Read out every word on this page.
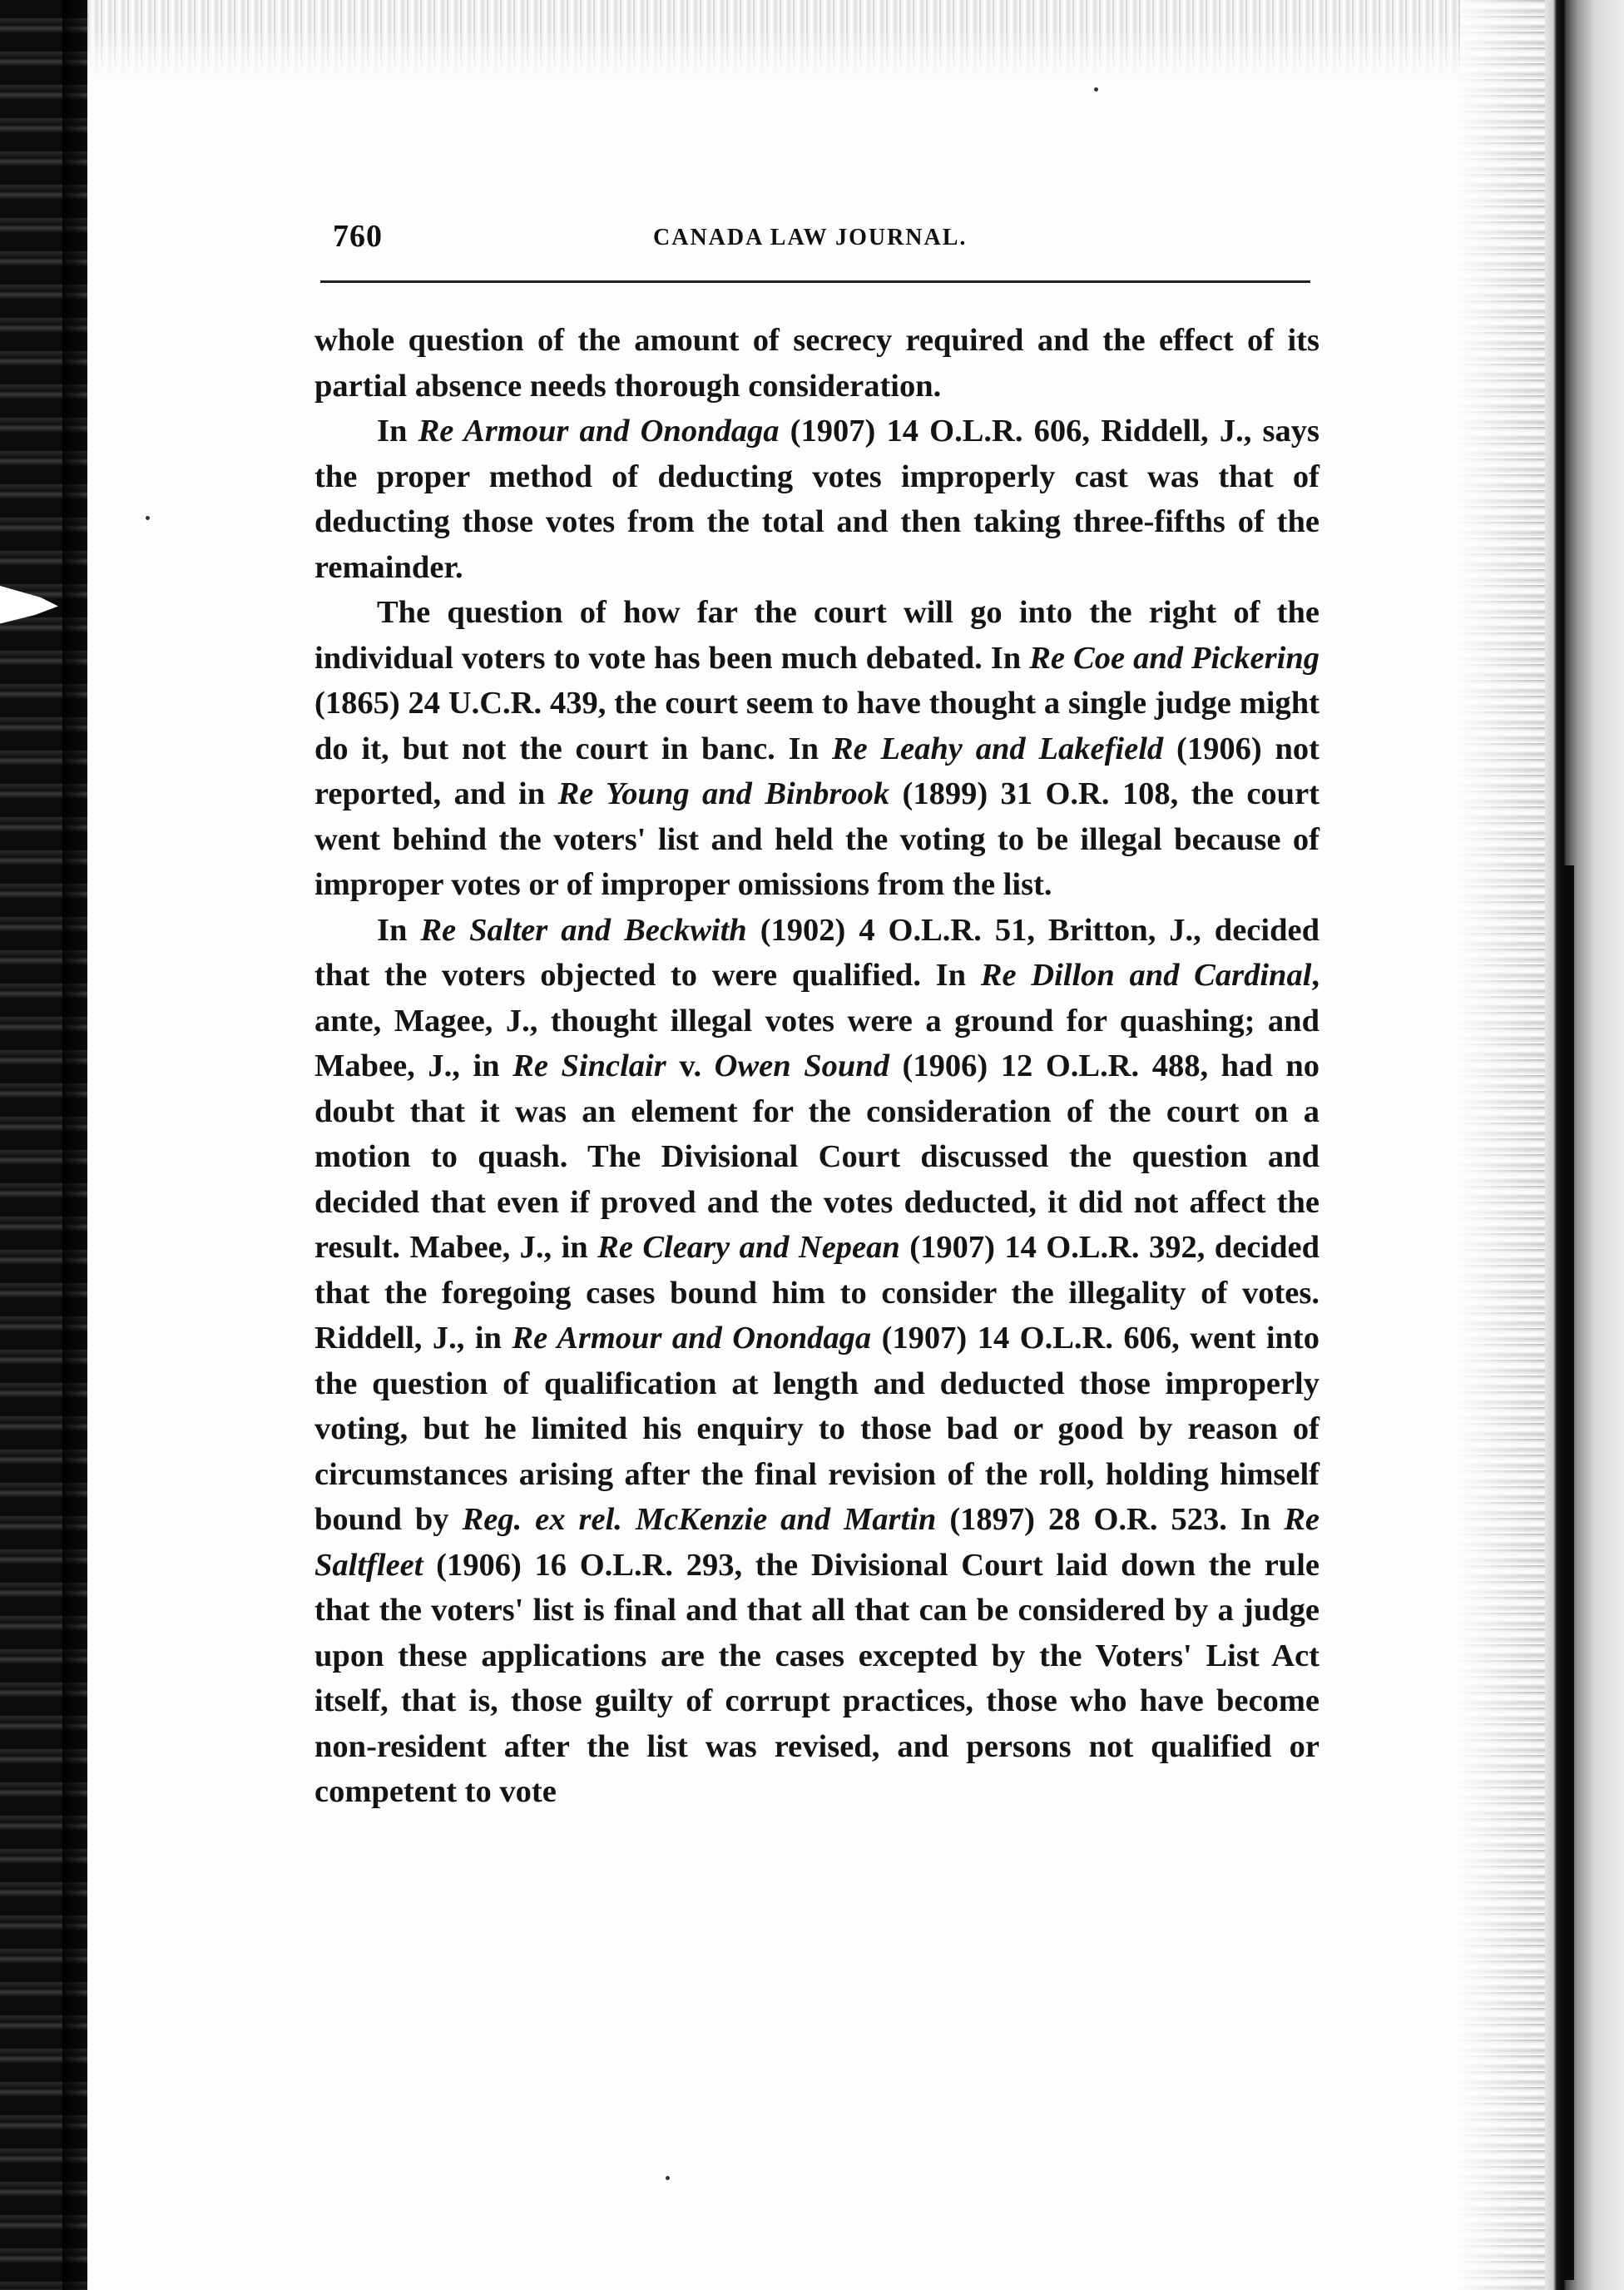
760	CANADA LAW JOURNAL.

whole question of the amount of secrecy required and the effect of its partial absence needs thorough consideration.

In Re Armour and Onondaga (1907) 14 O.L.R. 606, Riddell, J., says the proper method of deducting votes improperly cast was that of deducting those votes from the total and then taking three-fifths of the remainder.

The question of how far the court will go into the right of the individual voters to vote has been much debated. In Re Coe and Pickering (1865) 24 U.C.R. 439, the court seem to have thought a single judge might do it, but not the court in banc. In Re Leahy and Lakefield (1906) not reported, and in Re Young and Binbrook (1899) 31 O.R. 108, the court went behind the voters' list and held the voting to be illegal because of improper votes or of improper omissions from the list.

In Re Salter and Beckwith (1902) 4 O.L.R. 51, Britton, J., decided that the voters objected to were qualified. In Re Dillon and Cardinal, ante, Magee, J., thought illegal votes were a ground for quashing; and Mabee, J., in Re Sinclair v. Owen Sound (1906) 12 O.L.R. 488, had no doubt that it was an element for the consideration of the court on a motion to quash. The Divisional Court discussed the question and decided that even if proved and the votes deducted, it did not affect the result. Mabee, J., in Re Cleary and Nepean (1907) 14 O.L.R. 392, decided that the foregoing cases bound him to consider the illegality of votes. Riddell, J., in Re Armour and Onondaga (1907) 14 O.L.R. 606, went into the question of qualification at length and deducted those improperly voting, but he limited his enquiry to those bad or good by reason of circumstances arising after the final revision of the roll, holding himself bound by Reg. ex rel. McKenzie and Martin (1897) 28 O.R. 523. In Re Saltfleet (1906) 16 O.L.R. 293, the Divisional Court laid down the rule that the voters' list is final and that all that can be considered by a judge upon these applications are the cases excepted by the Voters' List Act itself, that is, those guilty of corrupt practices, those who have become non-resident after the list was revised, and persons not qualified or competent to vote
